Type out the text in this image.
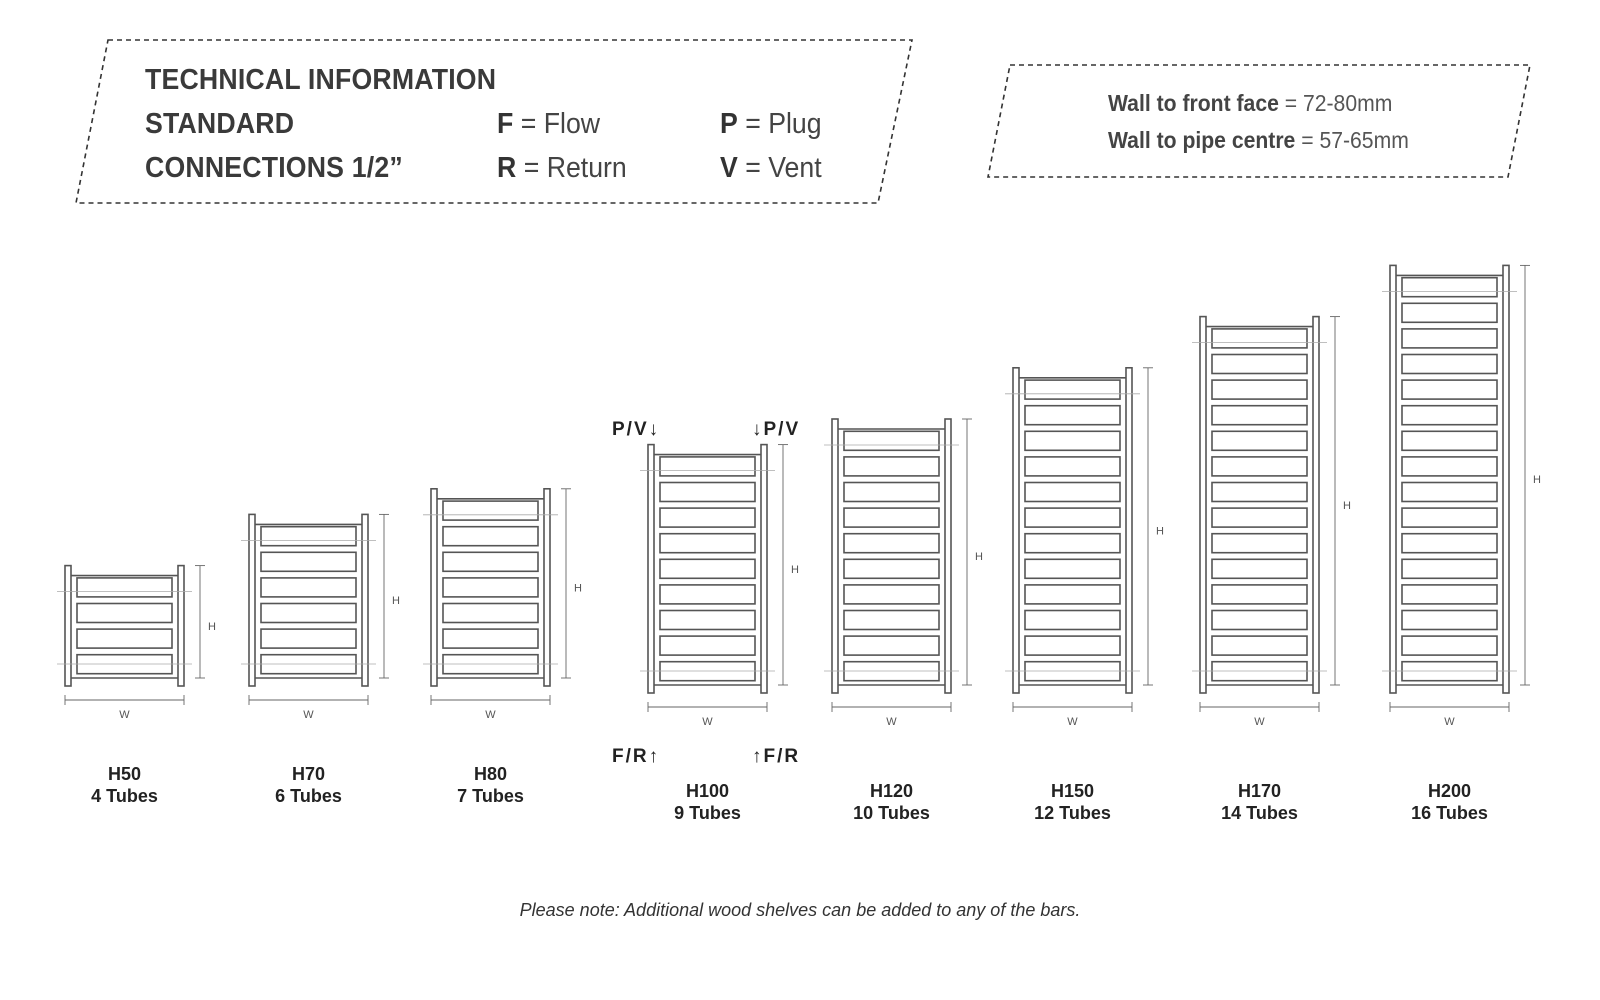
TECHNICAL INFORMATION
STANDARD
CONNECTIONS 1/2”
F = Flow
R = Return
P = Plug
V = Vent
Wall to front face = 72-80mm
Wall to pipe centre = 57-65mm
H
W
H50
4 Tubes
H
W
H70
6 Tubes
H
W
H80
7 Tubes
H
W
H100
9 Tubes
H
W
H120
10 Tubes
H
W
H150
12 Tubes
H
W
H170
14 Tubes
H
W
H200
16 Tubes
P/V↓	↓P/V
F/R↑	↑F/R
Please note: Additional wood shelves can be added to any of the bars.
